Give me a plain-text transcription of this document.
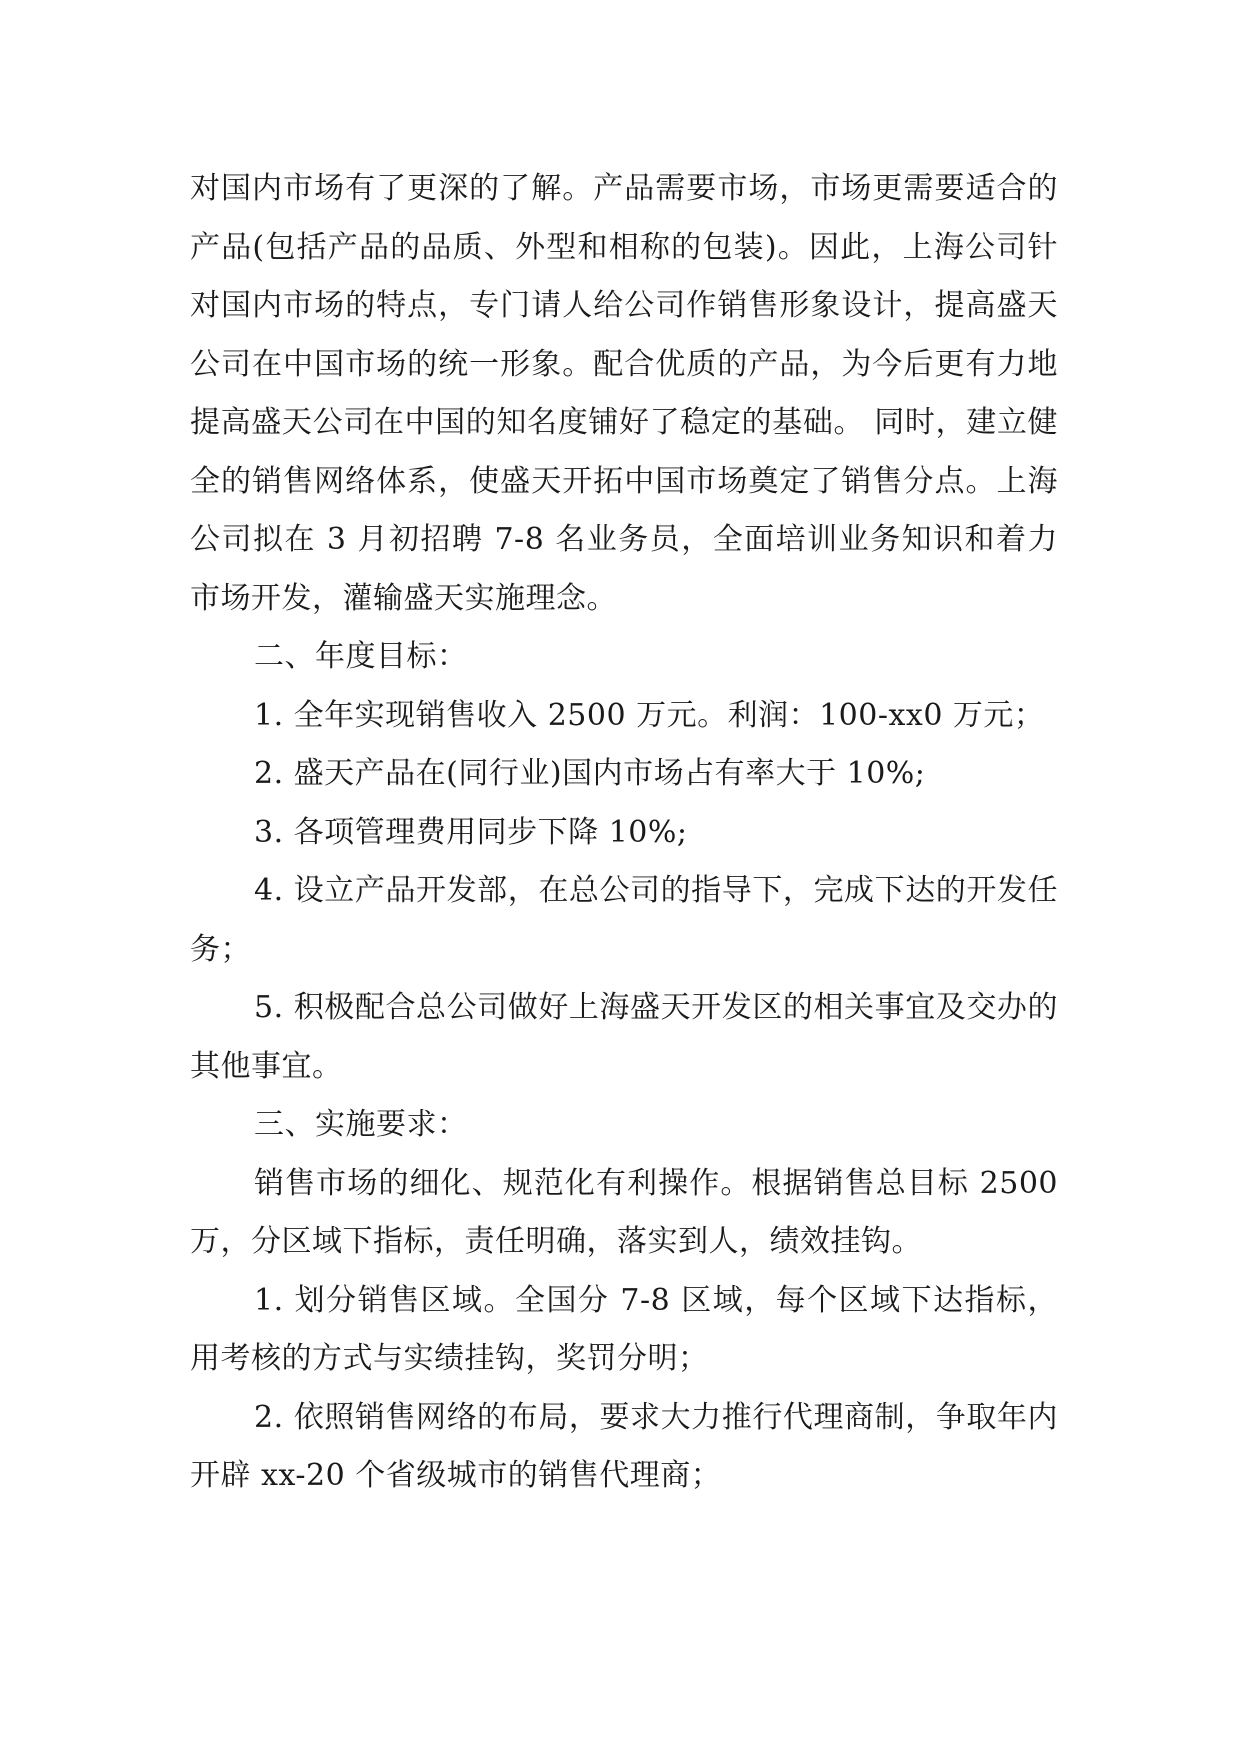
对国内市场有了更深的了解。产品需要市场，市场更需要适合的产品(包括产品的品质、外型和相称的包装)。因此，上海公司针对国内市场的特点，专门请人给公司作销售形象设计，提高盛天公司在中国市场的统一形象。配合优质的产品，为今后更有力地提高盛天公司在中国的知名度铺好了稳定的基础。 同时，建立健全的销售网络体系，使盛天开拓中国市场奠定了销售分点。上海公司拟在 3 月初招聘 7-8 名业务员，全面培训业务知识和着力市场开发，灌输盛天实施理念。

二、年度目标：

1. 全年实现销售收入 2500 万元。利润：100-xx0 万元；

2. 盛天产品在(同行业)国内市场占有率大于 10%;

3. 各项管理费用同步下降 10%;

4. 设立产品开发部，在总公司的指导下，完成下达的开发任务；

5. 积极配合总公司做好上海盛天开发区的相关事宜及交办的其他事宜。

三、实施要求：

销售市场的细化、规范化有利操作。根据销售总目标 2500 万，分区域下指标，责任明确，落实到人，绩效挂钩。

1. 划分销售区域。全国分 7-8 区域，每个区域下达指标，用考核的方式与实绩挂钩，奖罚分明；

2. 依照销售网络的布局，要求大力推行代理商制，争取年内开辟 xx-20 个省级城市的销售代理商；
